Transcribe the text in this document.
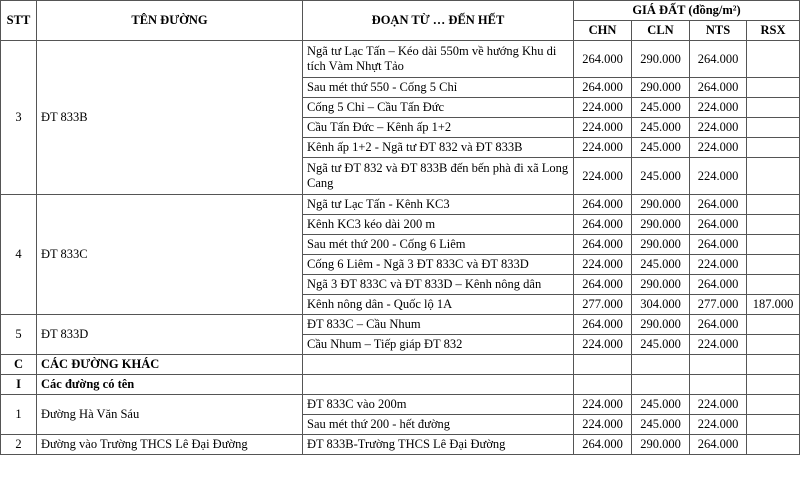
STT	TÊN ĐƯỜNG	ĐOẠN TỪ … ĐẾN HẾT	GIÁ ĐẤT (đồng/m²)			
			CHN	CLN	NTS	RSX
3	ĐT 833B	Ngã tư Lạc Tấn – Kéo dài 550m về hướng Khu di tích Vàm Nhựt Tảo	264.000	290.000	264.000	
		Sau mét thứ 550 - Cống 5 Chỉ	264.000	290.000	264.000	
		Cống 5 Chỉ – Cầu Tấn Đức	224.000	245.000	224.000	
		Cầu Tấn Đức – Kênh ấp 1+2	224.000	245.000	224.000	
		Kênh ấp 1+2 - Ngã tư ĐT 832 và ĐT 833B	224.000	245.000	224.000	
		Ngã tư ĐT 832 và ĐT 833B đến bến phà đi xã Long Cang	224.000	245.000	224.000	
4	ĐT 833C	Ngã tư Lạc Tấn - Kênh KC3	264.000	290.000	264.000	
		Kênh KC3 kéo dài 200 m	264.000	290.000	264.000	
		Sau mét thứ 200 - Cống 6 Liêm	264.000	290.000	264.000	
		Cống 6 Liêm - Ngã 3 ĐT 833C và ĐT 833D	224.000	245.000	224.000	
		Ngã 3 ĐT 833C và ĐT 833D – Kênh nông dân	264.000	290.000	264.000	
		Kênh nông dân - Quốc lộ 1A	277.000	304.000	277.000	187.000
5	ĐT 833D	ĐT 833C – Cầu Nhum	264.000	290.000	264.000	
		Cầu Nhum – Tiếp giáp ĐT 832	224.000	245.000	224.000	
C	CÁC ĐƯỜNG KHÁC					
I	Các đường có tên					
1	Đường Hà Văn Sáu	ĐT 833C vào 200m	224.000	245.000	224.000	
		Sau mét thứ 200 - hết đường	224.000	245.000	224.000	
2	Đường vào Trường THCS Lê Đại Đường	ĐT 833B-Trường THCS Lê Đại Đường	264.000	290.000	264.000	
